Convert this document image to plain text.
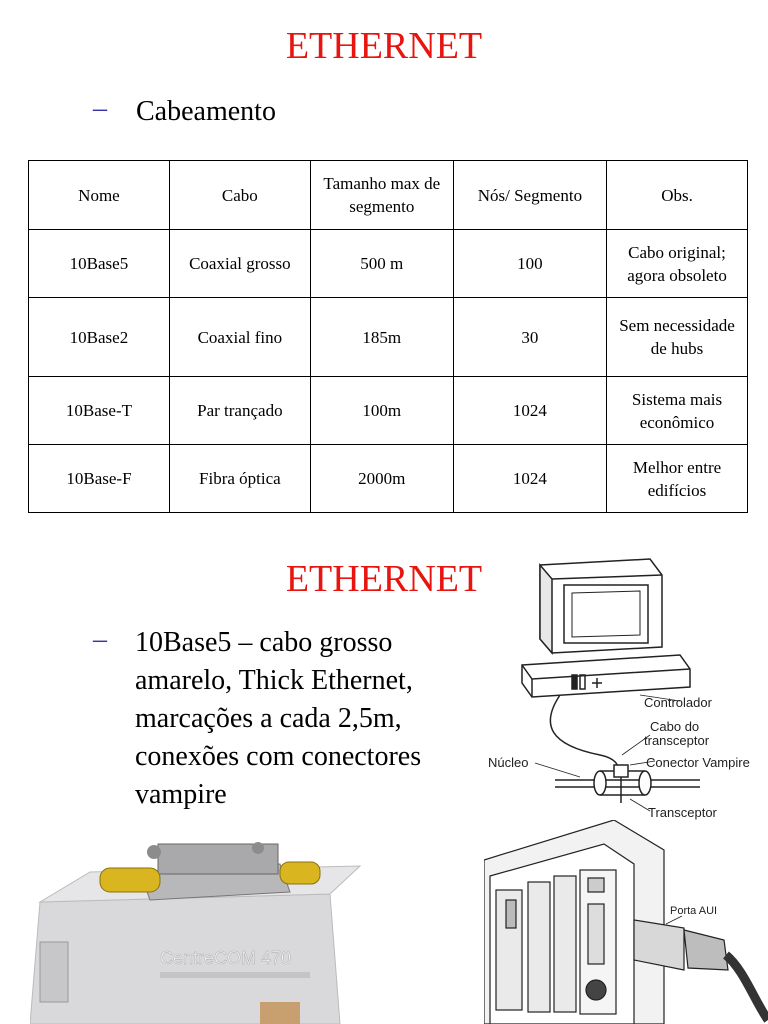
ETHERNET
– Cabeamento
Nome	Cabo	Tamanho max de segmento	Nós/ Segmento	Obs.
10Base5	Coaxial grosso	500 m	100	Cabo original; agora obsoleto
10Base2	Coaxial fino	185m	30	Sem necessidade de hubs
10Base-T	Par trançado	100m	1024	Sistema mais econômico
10Base-F	Fibra óptica	2000m	1024	Melhor entre edifícios
ETHERNET
– 10Base5 – cabo grosso amarelo, Thick Ethernet, marcações a cada 2,5m, conexões com conectores vampire
Controlador
Cabo do
transceptor
Núcleo	Conector Vampire
Transceptor
CentreCOM 470
Porta AUI
